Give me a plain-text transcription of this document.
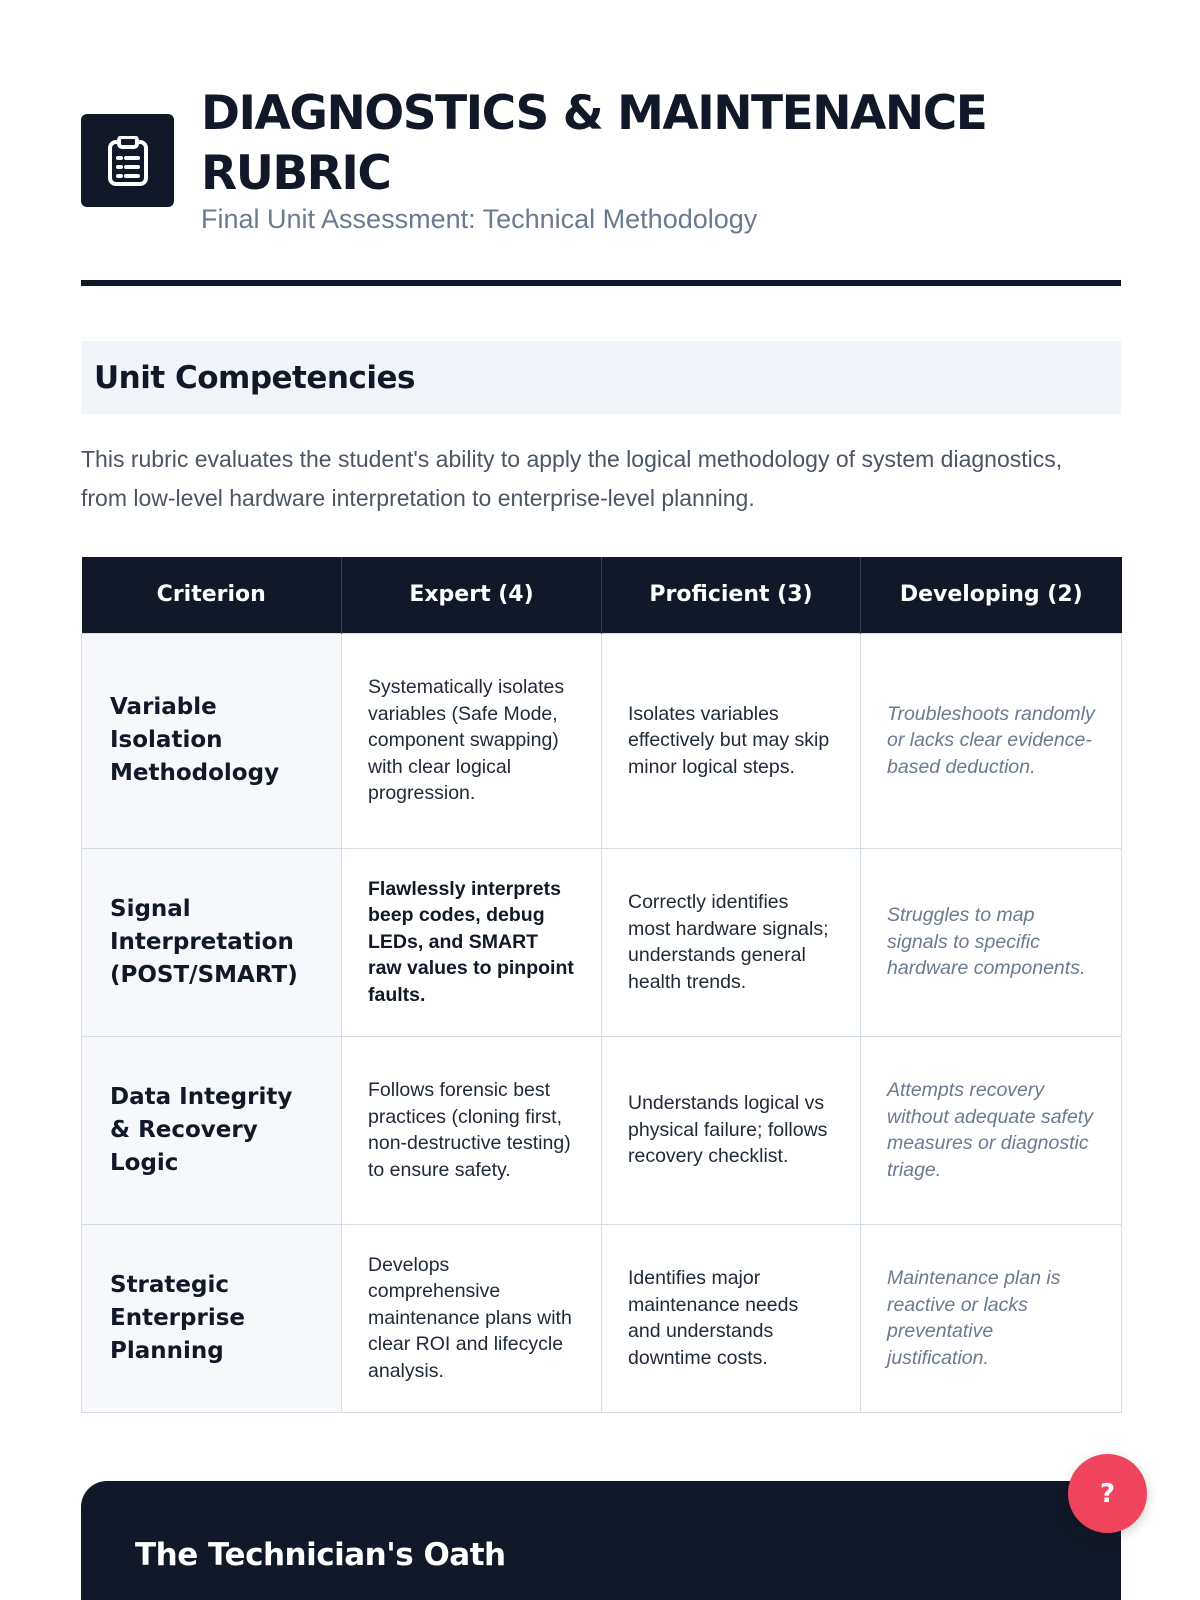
DIAGNOSTICS & MAINTENANCE RUBRIC
Final Unit Assessment: Technical Methodology
Unit Competencies

This rubric evaluates the student's ability to apply the logical methodology of system diagnostics, from low-level hardware interpretation to enterprise-level planning.

Criterion	Expert (4)	Proficient (3)	Developing (2)
Variable Isolation Methodology	Systematically isolates variables (Safe Mode, component swapping) with clear logical progression.	Isolates variables effectively but may skip minor logical steps.	Troubleshoots randomly or lacks clear evidence-based deduction.
Signal Interpretation (POST/SMART)	Flawlessly interprets beep codes, debug LEDs, and SMART raw values to pinpoint faults.	Correctly identifies most hardware signals; understands general health trends.	Struggles to map signals to specific hardware components.
Data Integrity & Recovery Logic	Follows forensic best practices (cloning first, non-destructive testing) to ensure safety.	Understands logical vs physical failure; follows recovery checklist.	Attempts recovery without adequate safety measures or diagnostic triage.
Strategic Enterprise Planning	Develops comprehensive maintenance plans with clear ROI and lifecycle analysis.	Identifies major maintenance needs and understands downtime costs.	Maintenance plan is reactive or lacks preventative justification.
The Technician's Oath
?
